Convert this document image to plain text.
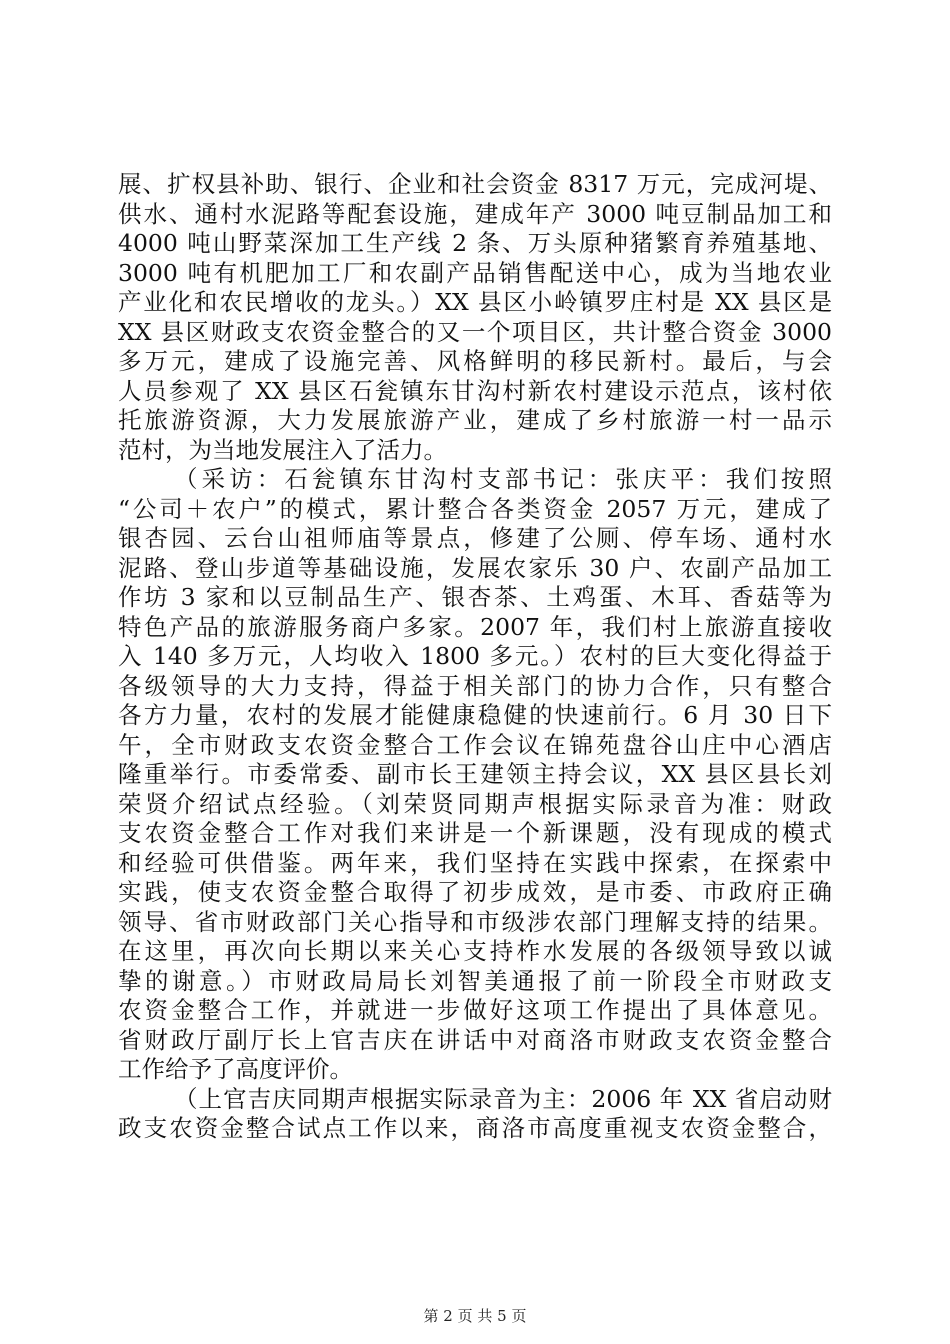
展、扩权县补助、银行、企业和社会资金 8317 万元，完成河堤、
供水、通村水泥路等配套设施，建成年产 3000 吨豆制品加工和
4000 吨山野菜深加工生产线 2 条、万头原种猪繁育养殖基地、
3000 吨有机肥加工厂和农副产品销售配送中心，成为当地农业
产业化和农民增收的龙头。）XX 县区小岭镇罗庄村是 XX 县区是
XX 县区财政支农资金整合的又一个项目区，共计整合资金 3000
多万元，建成了设施完善、风格鲜明的移民新村。最后，与会
人员参观了 XX 县区石瓮镇东甘沟村新农村建设示范点，该村依
托旅游资源，大力发展旅游产业，建成了乡村旅游一村一品示
范村，为当地发展注入了活力。
（采访：石瓮镇东甘沟村支部书记：张庆平：我们按照
“公司＋农户”的模式，累计整合各类资金 2057 万元，建成了
银杏园、云台山祖师庙等景点，修建了公厕、停车场、通村水
泥路、登山步道等基础设施，发展农家乐 30 户、农副产品加工
作坊 3 家和以豆制品生产、银杏茶、土鸡蛋、木耳、香菇等为
特色产品的旅游服务商户多家。2007 年，我们村上旅游直接收
入 140 多万元，人均收入 1800 多元。）农村的巨大变化得益于
各级领导的大力支持，得益于相关部门的协力合作，只有整合
各方力量，农村的发展才能健康稳健的快速前行。6 月 30 日下
午，全市财政支农资金整合工作会议在锦苑盘谷山庄中心酒店
隆重举行。市委常委、副市长王建领主持会议，XX 县区县长刘
荣贤介绍试点经验。（刘荣贤同期声根据实际录音为准：财政
支农资金整合工作对我们来讲是一个新课题，没有现成的模式
和经验可供借鉴。两年来，我们坚持在实践中探索，在探索中
实践，使支农资金整合取得了初步成效，是市委、市政府正确
领导、省市财政部门关心指导和市级涉农部门理解支持的结果。
在这里，再次向长期以来关心支持柞水发展的各级领导致以诚
挚的谢意。）市财政局局长刘智美通报了前一阶段全市财政支
农资金整合工作，并就进一步做好这项工作提出了具体意见。
省财政厅副厅长上官吉庆在讲话中对商洛市财政支农资金整合
工作给予了高度评价。
（上官吉庆同期声根据实际录音为主：2006 年 XX 省启动财
政支农资金整合试点工作以来，商洛市高度重视支农资金整合，
第 2 页 共 5 页
